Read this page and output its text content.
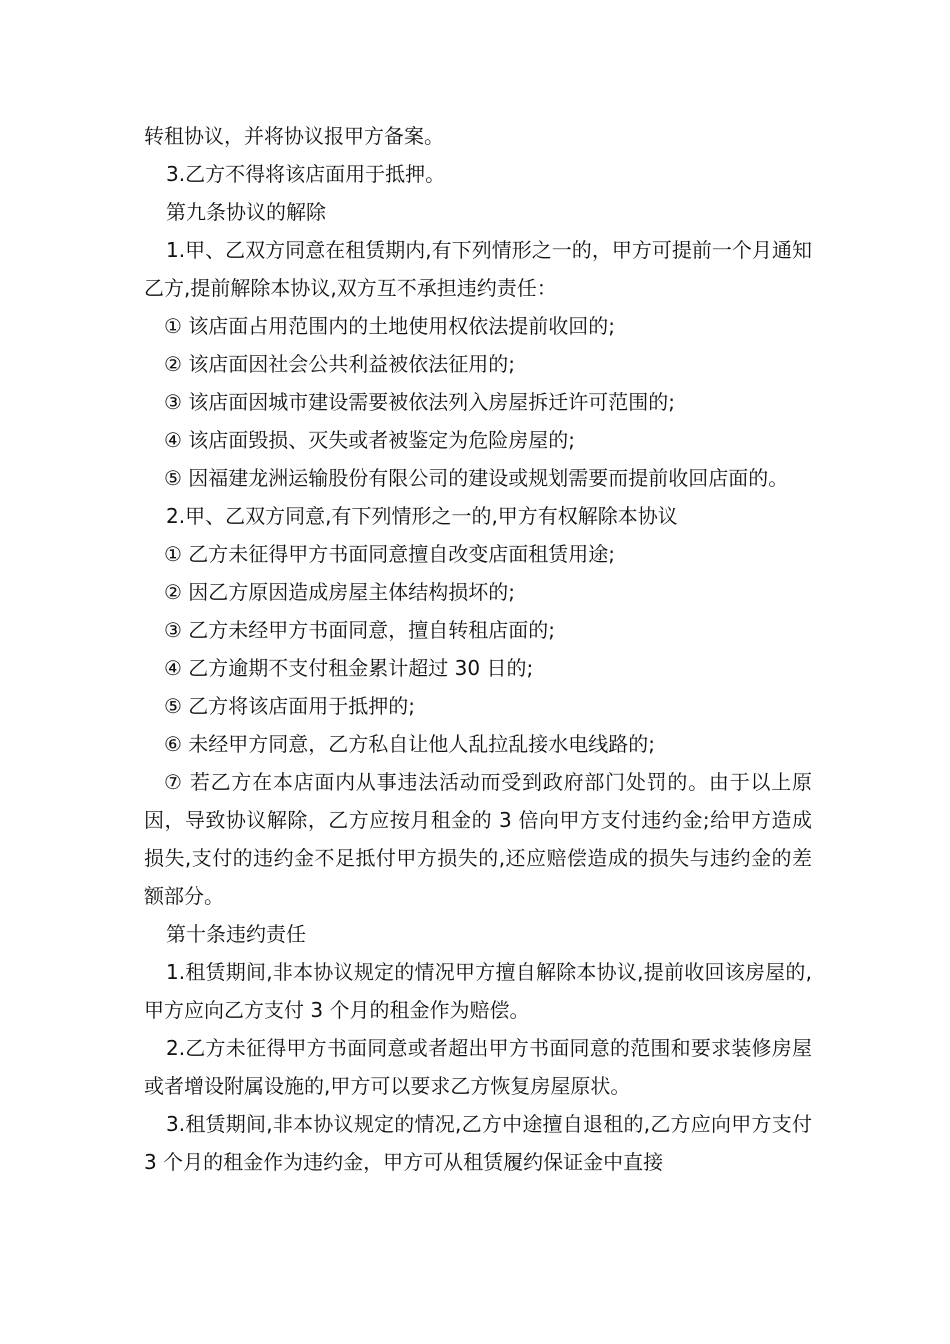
转租协议，并将协议报甲方备案。

3.乙方不得将该店面用于抵押。

第九条协议的解除

1.甲、乙双方同意在租赁期内,有下列情形之一的，甲方可提前一个月通知乙方,提前解除本协议,双方互不承担违约责任：

① 该店面占用范围内的土地使用权依法提前收回的;

② 该店面因社会公共利益被依法征用的;

③ 该店面因城市建设需要被依法列入房屋拆迁许可范围的;

④ 该店面毁损、灭失或者被鉴定为危险房屋的;

⑤ 因福建龙洲运输股份有限公司的建设或规划需要而提前收回店面的。

2.甲、乙双方同意,有下列情形之一的,甲方有权解除本协议

① 乙方未征得甲方书面同意擅自改变店面租赁用途;

② 因乙方原因造成房屋主体结构损坏的;

③ 乙方未经甲方书面同意，擅自转租店面的;

④ 乙方逾期不支付租金累计超过 30 日的;

⑤ 乙方将该店面用于抵押的;

⑥ 未经甲方同意，乙方私自让他人乱拉乱接水电线路的;

⑦ 若乙方在本店面内从事违法活动而受到政府部门处罚的。由于以上原因，导致协议解除，乙方应按月租金的 3 倍向甲方支付违约金;给甲方造成损失,支付的违约金不足抵付甲方损失的,还应赔偿造成的损失与违约金的差额部分。

第十条违约责任

1.租赁期间,非本协议规定的情况甲方擅自解除本协议,提前收回该房屋的,甲方应向乙方支付 3 个月的租金作为赔偿。

2.乙方未征得甲方书面同意或者超出甲方书面同意的范围和要求装修房屋或者增设附属设施的,甲方可以要求乙方恢复房屋原状。

3.租赁期间,非本协议规定的情况,乙方中途擅自退租的,乙方应向甲方支付 3 个月的租金作为违约金，甲方可从租赁履约保证金中直接
